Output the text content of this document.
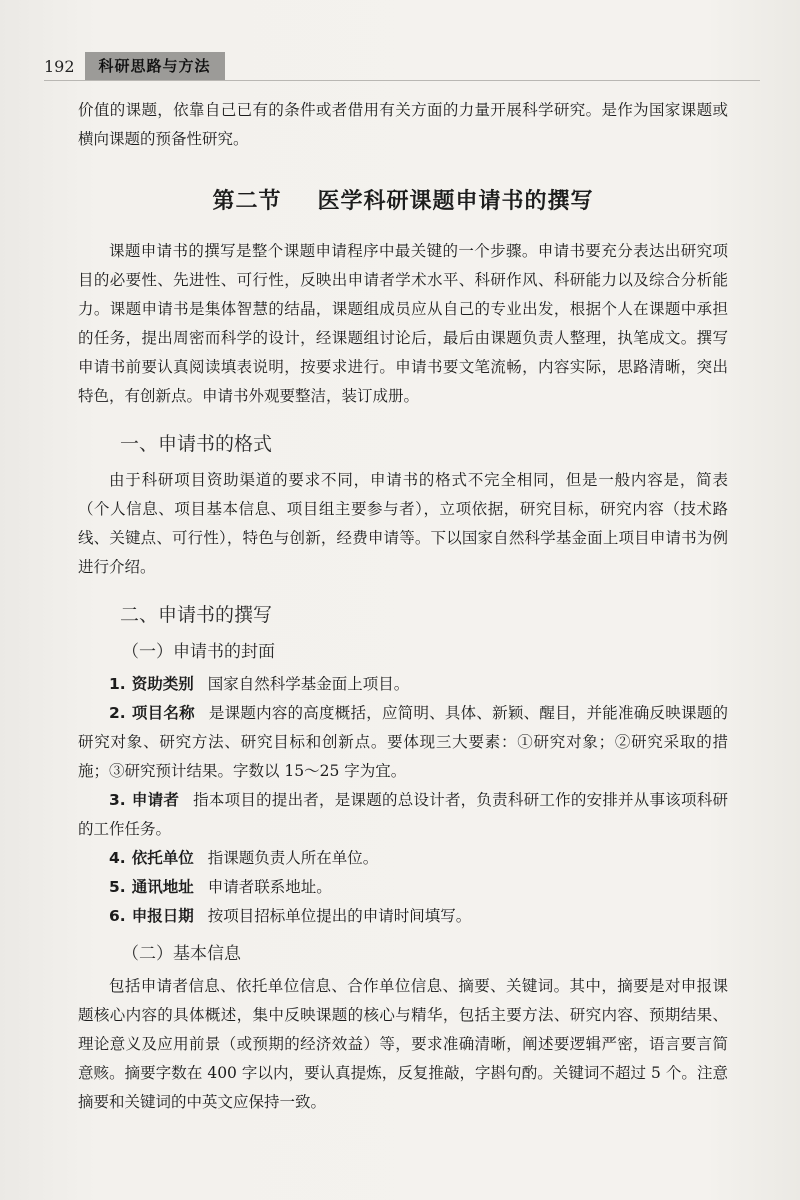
192	科研思路与方法

价值的课题，依靠自己已有的条件或者借用有关方面的力量开展科学研究。是作为国家课题或横向课题的预备性研究。

第二节 医学科研课题申请书的撰写

课题申请书的撰写是整个课题申请程序中最关键的一个步骤。申请书要充分表达出研究项目的必要性、先进性、可行性，反映出申请者学术水平、科研作风、科研能力以及综合分析能力。课题申请书是集体智慧的结晶，课题组成员应从自己的专业出发，根据个人在课题中承担的任务，提出周密而科学的设计，经课题组讨论后，最后由课题负责人整理，执笔成文。撰写申请书前要认真阅读填表说明，按要求进行。申请书要文笔流畅，内容实际，思路清晰，突出特色，有创新点。申请书外观要整洁，装订成册。

一、申请书的格式

由于科研项目资助渠道的要求不同，申请书的格式不完全相同，但是一般内容是，简表（个人信息、项目基本信息、项目组主要参与者），立项依据，研究目标，研究内容（技术路线、关键点、可行性），特色与创新，经费申请等。下以国家自然科学基金面上项目申请书为例进行介绍。

二、申请书的撰写
（一）申请书的封面

1. 资助类别 国家自然科学基金面上项目。

2. 项目名称 是课题内容的高度概括，应简明、具体、新颖、醒目，并能准确反映课题的研究对象、研究方法、研究目标和创新点。要体现三大要素：①研究对象；②研究采取的措施；③研究预计结果。字数以 15～25 字为宜。

3. 申请者 指本项目的提出者，是课题的总设计者，负责科研工作的安排并从事该项科研的工作任务。

4. 依托单位 指课题负责人所在单位。

5. 通讯地址 申请者联系地址。

6. 申报日期 按项目招标单位提出的申请时间填写。

（二）基本信息

包括申请者信息、依托单位信息、合作单位信息、摘要、关键词。其中，摘要是对申报课题核心内容的具体概述，集中反映课题的核心与精华，包括主要方法、研究内容、预期结果、理论意义及应用前景（或预期的经济效益）等，要求准确清晰，阐述要逻辑严密，语言要言简意赅。摘要字数在 400 字以内，要认真提炼，反复推敲，字斟句酌。关键词不超过 5 个。注意摘要和关键词的中英文应保持一致。
